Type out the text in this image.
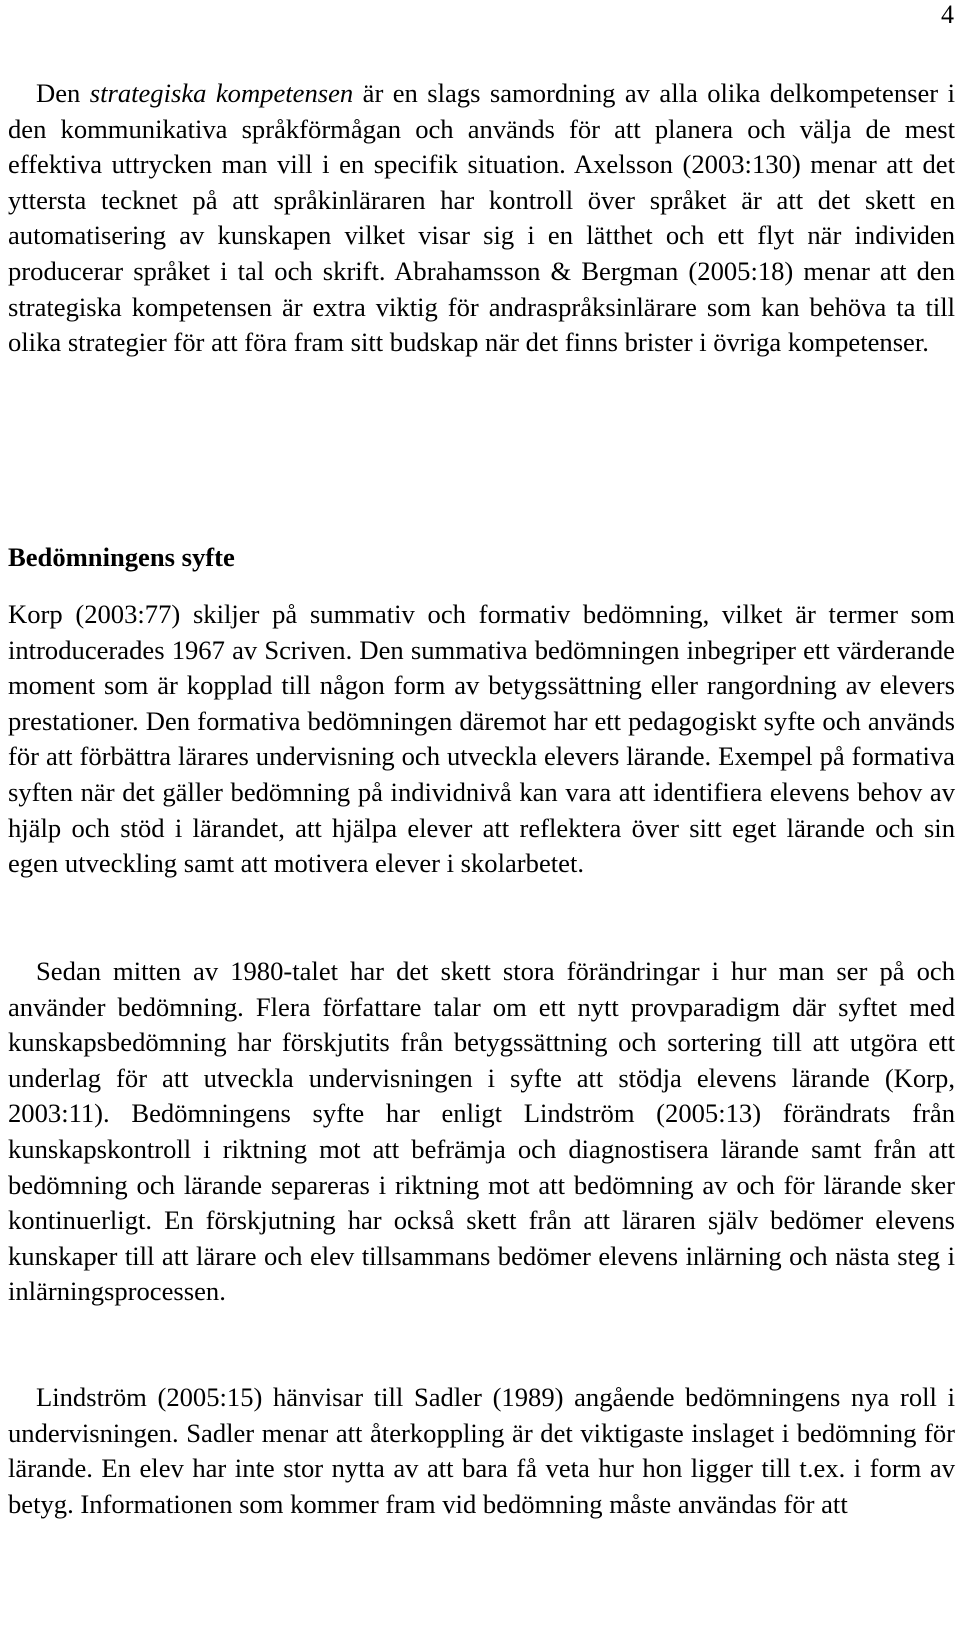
4

Den strategiska kompetensen är en slags samordning av alla olika delkompetenser i den kommunikativa språkförmågan och används för att planera och välja de mest effektiva uttrycken man vill i en specifik situation. Axelsson (2003:130) menar att det yttersta tecknet på att språkinläraren har kontroll över språket är att det skett en automatisering av kunskapen vilket visar sig i en lätthet och ett flyt när individen producerar språket i tal och skrift. Abrahamsson & Bergman (2005:18) menar att den strategiska kompetensen är extra viktig för andraspråksinlärare som kan behöva ta till olika strategier för att föra fram sitt budskap när det finns brister i övriga kompetenser.

Bedömningens syfte

Korp (2003:77) skiljer på summativ och formativ bedömning, vilket är termer som introducerades 1967 av Scriven. Den summativa bedömningen inbegriper ett värderande moment som är kopplad till någon form av betygssättning eller rangordning av elevers prestationer. Den formativa bedömningen däremot har ett pedagogiskt syfte och används för att förbättra lärares undervisning och utveckla elevers lärande. Exempel på formativa syften när det gäller bedömning på individnivå kan vara att identifiera elevens behov av hjälp och stöd i lärandet, att hjälpa elever att reflektera över sitt eget lärande och sin egen utveckling samt att motivera elever i skolarbetet.

Sedan mitten av 1980-talet har det skett stora förändringar i hur man ser på och använder bedömning. Flera författare talar om ett nytt provparadigm där syftet med kunskapsbedömning har förskjutits från betygssättning och sortering till att utgöra ett underlag för att utveckla undervisningen i syfte att stödja elevens lärande (Korp, 2003:11). Bedömningens syfte har enligt Lindström (2005:13) förändrats från kunskapskontroll i riktning mot att befrämja och diagnostisera lärande samt från att bedömning och lärande separeras i riktning mot att bedömning av och för lärande sker kontinuerligt. En förskjutning har också skett från att läraren själv bedömer elevens kunskaper till att lärare och elev tillsammans bedömer elevens inlärning och nästa steg i inlärningsprocessen.

Lindström (2005:15) hänvisar till Sadler (1989) angående bedömningens nya roll i undervisningen. Sadler menar att återkoppling är det viktigaste inslaget i bedömning för lärande. En elev har inte stor nytta av att bara få veta hur hon ligger till t.ex. i form av betyg. Informationen som kommer fram vid bedömning måste användas för att
